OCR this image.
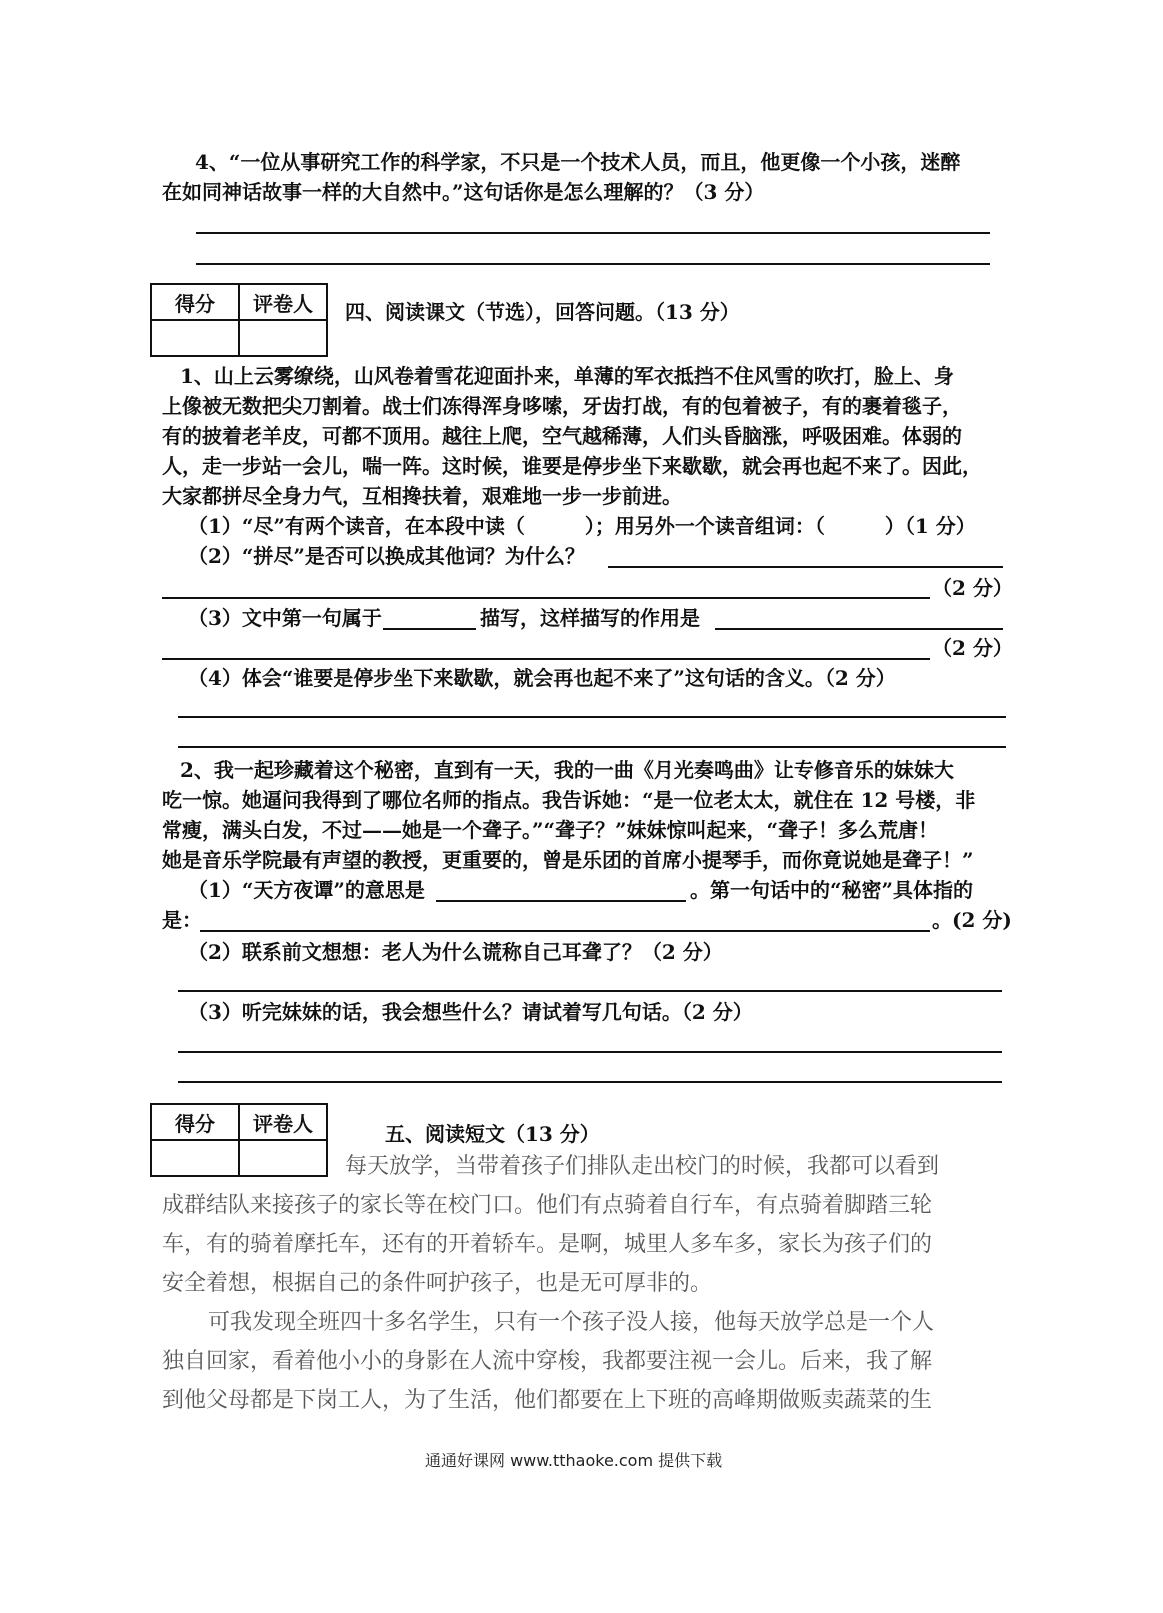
4、“一位从事研究工作的科学家，不只是一个技术人员，而且，他更像一个小孩，迷醉
在如同神话故事一样的大自然中。”这句话你是怎么理解的？（3 分）
得分	评卷人
	四、阅读课文（节选），回答问题。（13 分）
1、山上云雾缭绕，山风卷着雪花迎面扑来，单薄的军衣抵挡不住风雪的吹打，脸上、身
上像被无数把尖刀割着。战士们冻得浑身哆嗦，牙齿打战，有的包着被子，有的裹着毯子，
有的披着老羊皮，可都不顶用。越往上爬，空气越稀薄，人们头昏脑涨，呼吸困难。体弱的
人，走一步站一会儿，喘一阵。这时候，谁要是停步坐下来歇歇，就会再也起不来了。因此，
大家都拼尽全身力气，互相搀扶着，艰难地一步一步前进。
（1）“尽”有两个读音，在本段中读（　　　）；用另外一个读音组词：（　　　）（1 分）
（2）“拼尽”是否可以换成其他词？为什么？
（2 分）
（3）文中第一句属于	描写，这样描写的作用是
（2 分）
（4）体会“谁要是停步坐下来歇歇，就会再也起不来了”这句话的含义。（2 分）
2、我一起珍藏着这个秘密，直到有一天，我的一曲《月光奏鸣曲》让专修音乐的妹妹大
吃一惊。她逼问我得到了哪位名师的指点。我告诉她：“是一位老太太，就住在 12 号楼，非
常瘦，满头白发，不过——她是一个聋子。”“聋子？”妹妹惊叫起来，“聋子！多么荒唐！
她是音乐学院最有声望的教授，更重要的，曾是乐团的首席小提琴手，而你竟说她是聋子！”
（1）“天方夜谭”的意思是	。第一句话中的“秘密”具体指的
是：	。(2 分)
（2）联系前文想想：老人为什么谎称自己耳聋了？（2 分）
（3）听完妹妹的话，我会想些什么？请试着写几句话。（2 分）
得分	评卷人
		五、阅读短文（13 分）
每天放学，当带着孩子们排队走出校门的时候，我都可以看到
成群结队来接孩子的家长等在校门口。他们有点骑着自行车，有点骑着脚踏三轮
车，有的骑着摩托车，还有的开着轿车。是啊，城里人多车多，家长为孩子们的
安全着想，根据自己的条件呵护孩子，也是无可厚非的。
可我发现全班四十多名学生，只有一个孩子没人接，他每天放学总是一个人
独自回家，看着他小小的身影在人流中穿梭，我都要注视一会儿。后来，我了解
到他父母都是下岗工人，为了生活，他们都要在上下班的高峰期做贩卖蔬菜的生
通通好课网 www.tthaoke.com 提供下载
